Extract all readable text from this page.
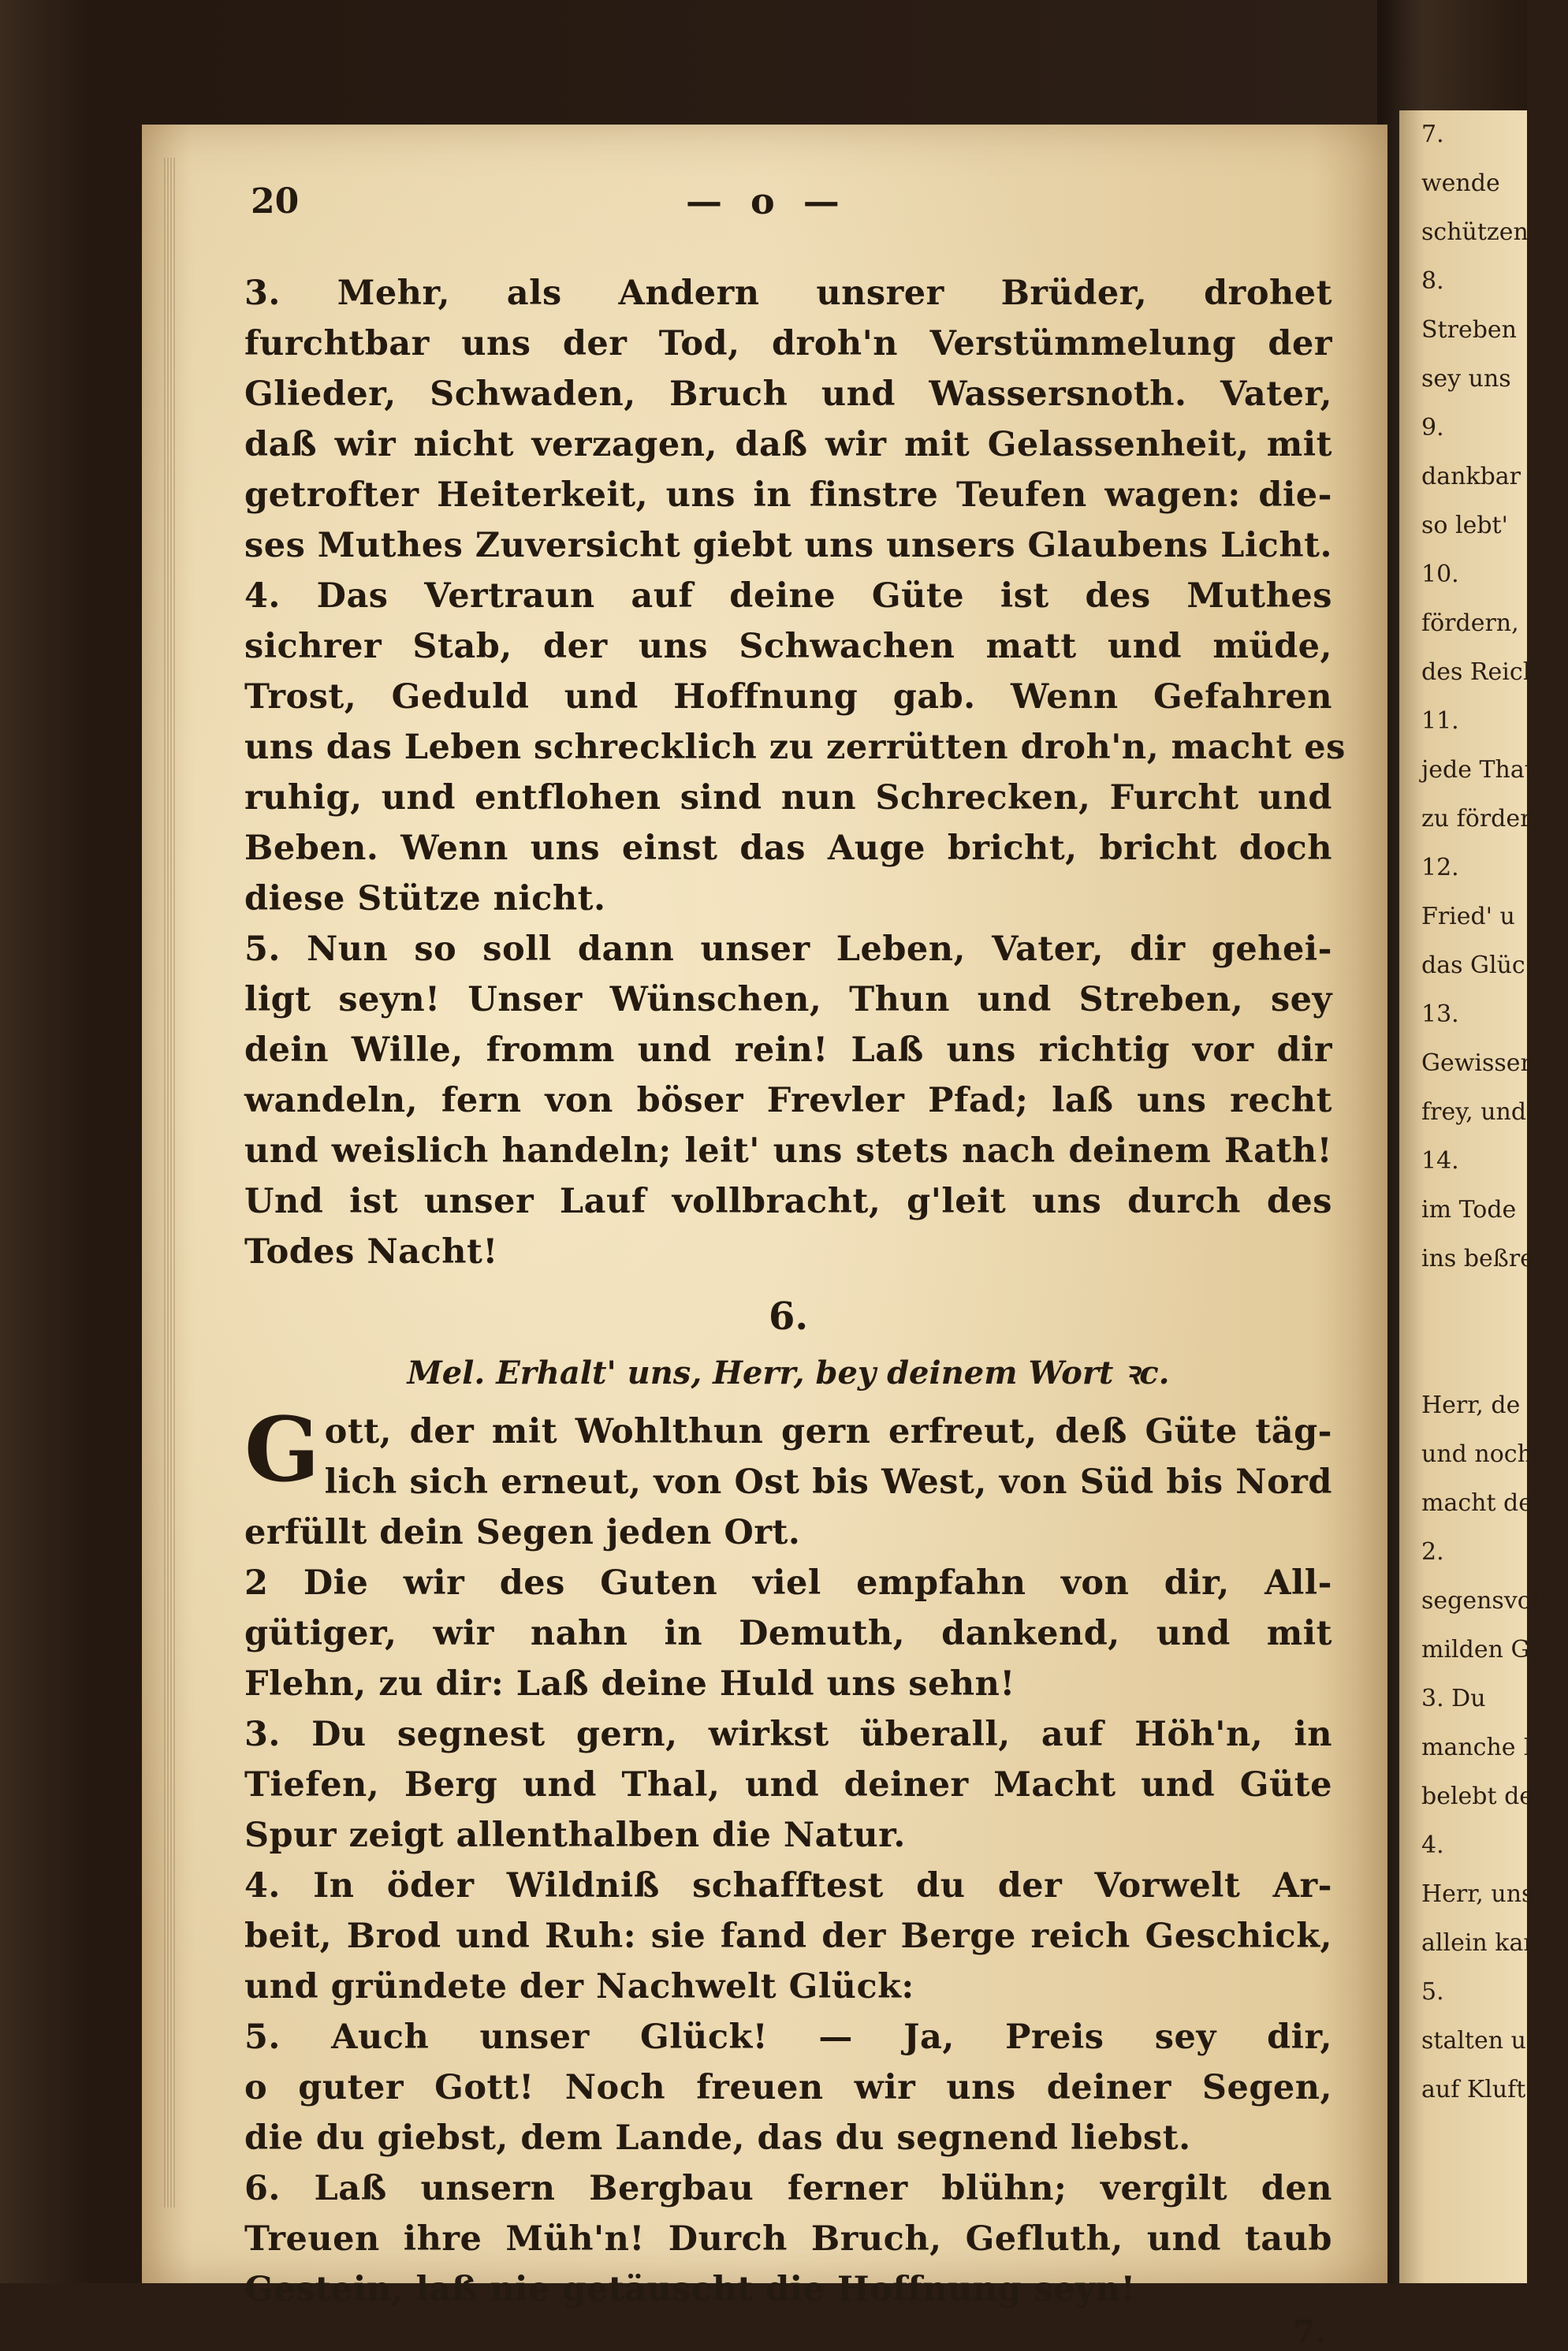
7.
wende
schützend
8.
Streben
sey uns
9.
dankbar
so lebt'
10.
fördern,
des Reich
11.
jede That
zu förder
12.
Fried' u
das Glüc
13.
Gewissens
frey, und
14.
im Tode
ins beßre
Herr, de
und noch
macht dein
2.
segensvolle
milden Ga
3. Du
manche Leb
belebt den
4.
Herr, uns
allein kann
5.
stalten un
auf Kluft
20	— o —
3. Mehr, als Andern unsrer Brüder, drohet
furchtbar uns der Tod, droh'n Verstümmelung der
Glieder, Schwaden, Bruch und Wassersnoth. Vater,
daß wir nicht verzagen, daß wir mit Gelassenheit, mit
getrofter Heiterkeit, uns in finstre Teufen wagen: die-
ses Muthes Zuversicht giebt uns unsers Glaubens Licht.
4. Das Vertraun auf deine Güte ist des Muthes
sichrer Stab, der uns Schwachen matt und müde,
Trost, Geduld und Hoffnung gab. Wenn Gefahren
uns das Leben schrecklich zu zerrütten droh'n, macht es
ruhig, und entflohen sind nun Schrecken, Furcht und
Beben. Wenn uns einst das Auge bricht, bricht doch
diese Stütze nicht.
5. Nun so soll dann unser Leben, Vater, dir gehei-
ligt seyn! Unser Wünschen, Thun und Streben, sey
dein Wille, fromm und rein! Laß uns richtig vor dir
wandeln, fern von böser Frevler Pfad; laß uns recht
und weislich handeln; leit' uns stets nach deinem Rath!
Und ist unser Lauf vollbracht, g'leit uns durch des
Todes Nacht!
6.
Mel. Erhalt' uns, Herr, bey deinem Wort ꝛc.
G ott, der mit Wohlthun gern erfreut, deß Güte täg-
lich sich erneut, von Ost bis West, von Süd bis Nord
erfüllt dein Segen jeden Ort.
2 Die wir des Guten viel empfahn von dir, All-
gütiger, wir nahn in Demuth, dankend, und mit
Flehn, zu dir: Laß deine Huld uns sehn!
3. Du segnest gern, wirkst überall, auf Höh'n, in
Tiefen, Berg und Thal, und deiner Macht und Güte
Spur zeigt allenthalben die Natur.
4. In öder Wildniß schafftest du der Vorwelt Ar-
beit, Brod und Ruh: sie fand der Berge reich Geschick,
und gründete der Nachwelt Glück:
5. Auch unser Glück! — Ja, Preis sey dir,
o guter Gott! Noch freuen wir uns deiner Segen,
die du giebst, dem Lande, das du segnend liebst.
6. Laß unsern Bergbau ferner blühn; vergilt den
Treuen ihre Müh'n! Durch Bruch, Gefluth, und taub
Gestein, laß nie getäuscht die Hoffnung seyn!
7.
